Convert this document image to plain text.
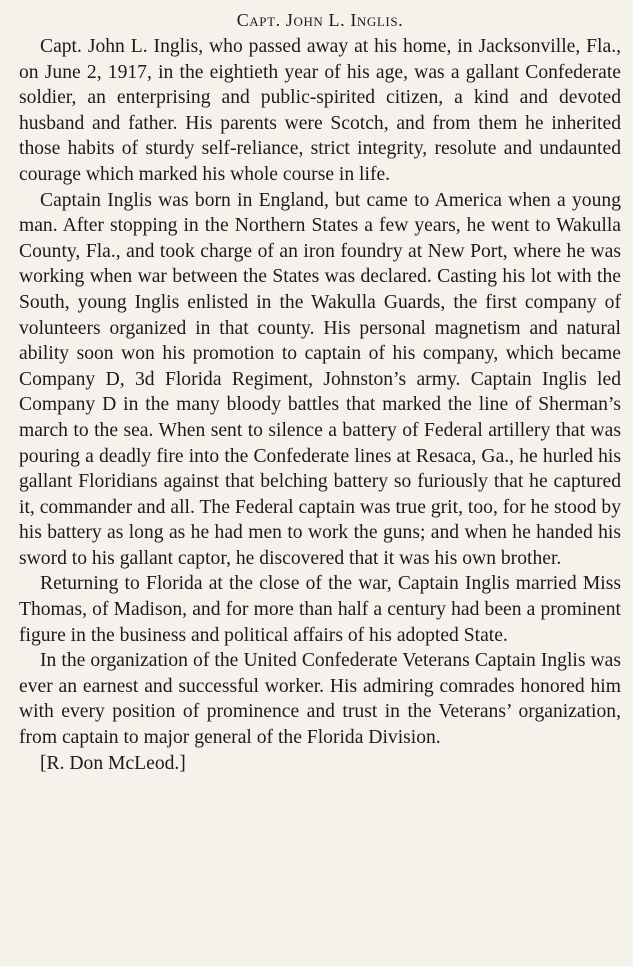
Capt. John L. Inglis.

Capt. John L. Inglis, who passed away at his home, in Jacksonville, Fla., on June 2, 1917, in the eightieth year of his age, was a gallant Confederate soldier, an enterprising and public-spirited citizen, a kind and devoted husband and father. His parents were Scotch, and from them he inherited those habits of sturdy self-reliance, strict integrity, resolute and undaunted courage which marked his whole course in life.

Captain Inglis was born in England, but came to America when a young man. After stopping in the Northern States a few years, he went to Wakulla County, Fla., and took charge of an iron foundry at New Port, where he was working when war between the States was declared. Casting his lot with the South, young Inglis enlisted in the Wakulla Guards, the first company of volunteers organized in that county. His personal magnetism and natural ability soon won his promotion to captain of his company, which became Company D, 3d Florida Regiment, Johnston’s army. Captain Inglis led Company D in the many bloody battles that marked the line of Sherman’s march to the sea. When sent to silence a battery of Federal artillery that was pouring a deadly fire into the Confederate lines at Resaca, Ga., he hurled his gallant Floridians against that belching battery so furiously that he captured it, commander and all. The Federal captain was true grit, too, for he stood by his battery as long as he had men to work the guns; and when he handed his sword to his gallant captor, he discovered that it was his own brother.

Returning to Florida at the close of the war, Captain Inglis married Miss Thomas, of Madison, and for more than half a century had been a prominent figure in the business and political affairs of his adopted State.

In the organization of the United Confederate Veterans Captain Inglis was ever an earnest and successful worker. His admiring comrades honored him with every position of prominence and trust in the Veterans’ organization, from captain to major general of the Florida Division.

[R. Don McLeod.]
